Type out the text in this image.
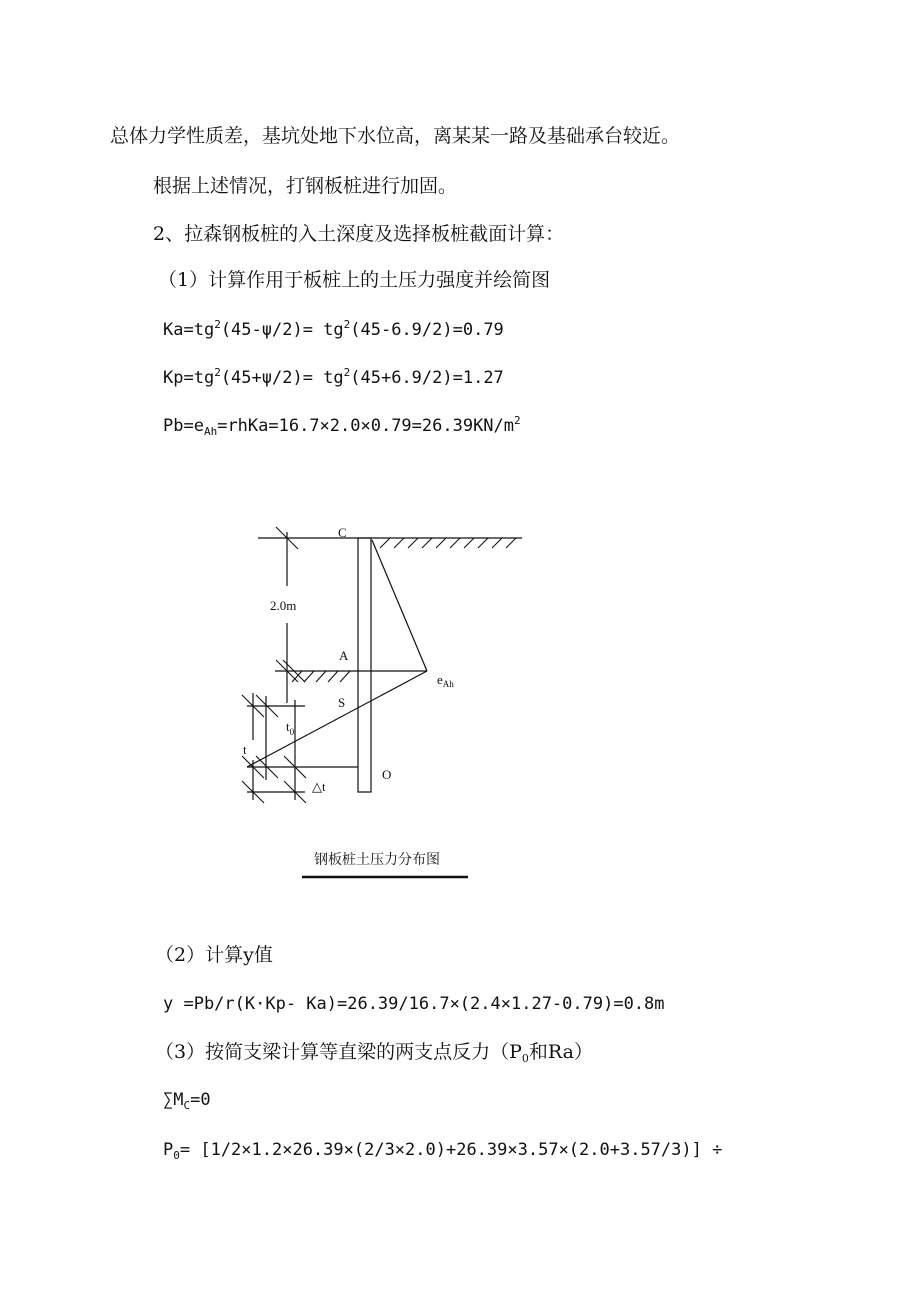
总体力学性质差，基坑处地下水位高，离某某一路及基础承台较近。
根据上述情况，打钢板桩进行加固。
2、拉森钢板桩的入土深度及选择板桩截面计算：
（1）计算作用于板桩上的土压力强度并绘简图
$Ka=tg^2(45-\psi/2)= tg^2(45-6.9/2)=0.79$
$Kp=tg^2(45+\psi/2)= tg^2(45+6.9/2)=1.27$
$Pb=e_{Ah}=rhKa=16.7\times 2.0\times 0.79=26.39KN/m^2$
C
2.0m
A
$e_{Ah}$
S
$t_0$
t
O
△t
钢板桩土压力分布图
（2）计算y值
y =Pb/r(K·Kp- Ka)=26.39/16.7×(2.4×1.27-0.79)=0.8m
（3）按简支梁计算等直梁的两支点反力（$P_0$和Ra）
$\sum M_C=0$
$P_0= [1/2\times 1.2\times 26.39\times(2/3\times 2.0)+26.39\times 3.57\times(2.0+3.57/3)]$ ÷
